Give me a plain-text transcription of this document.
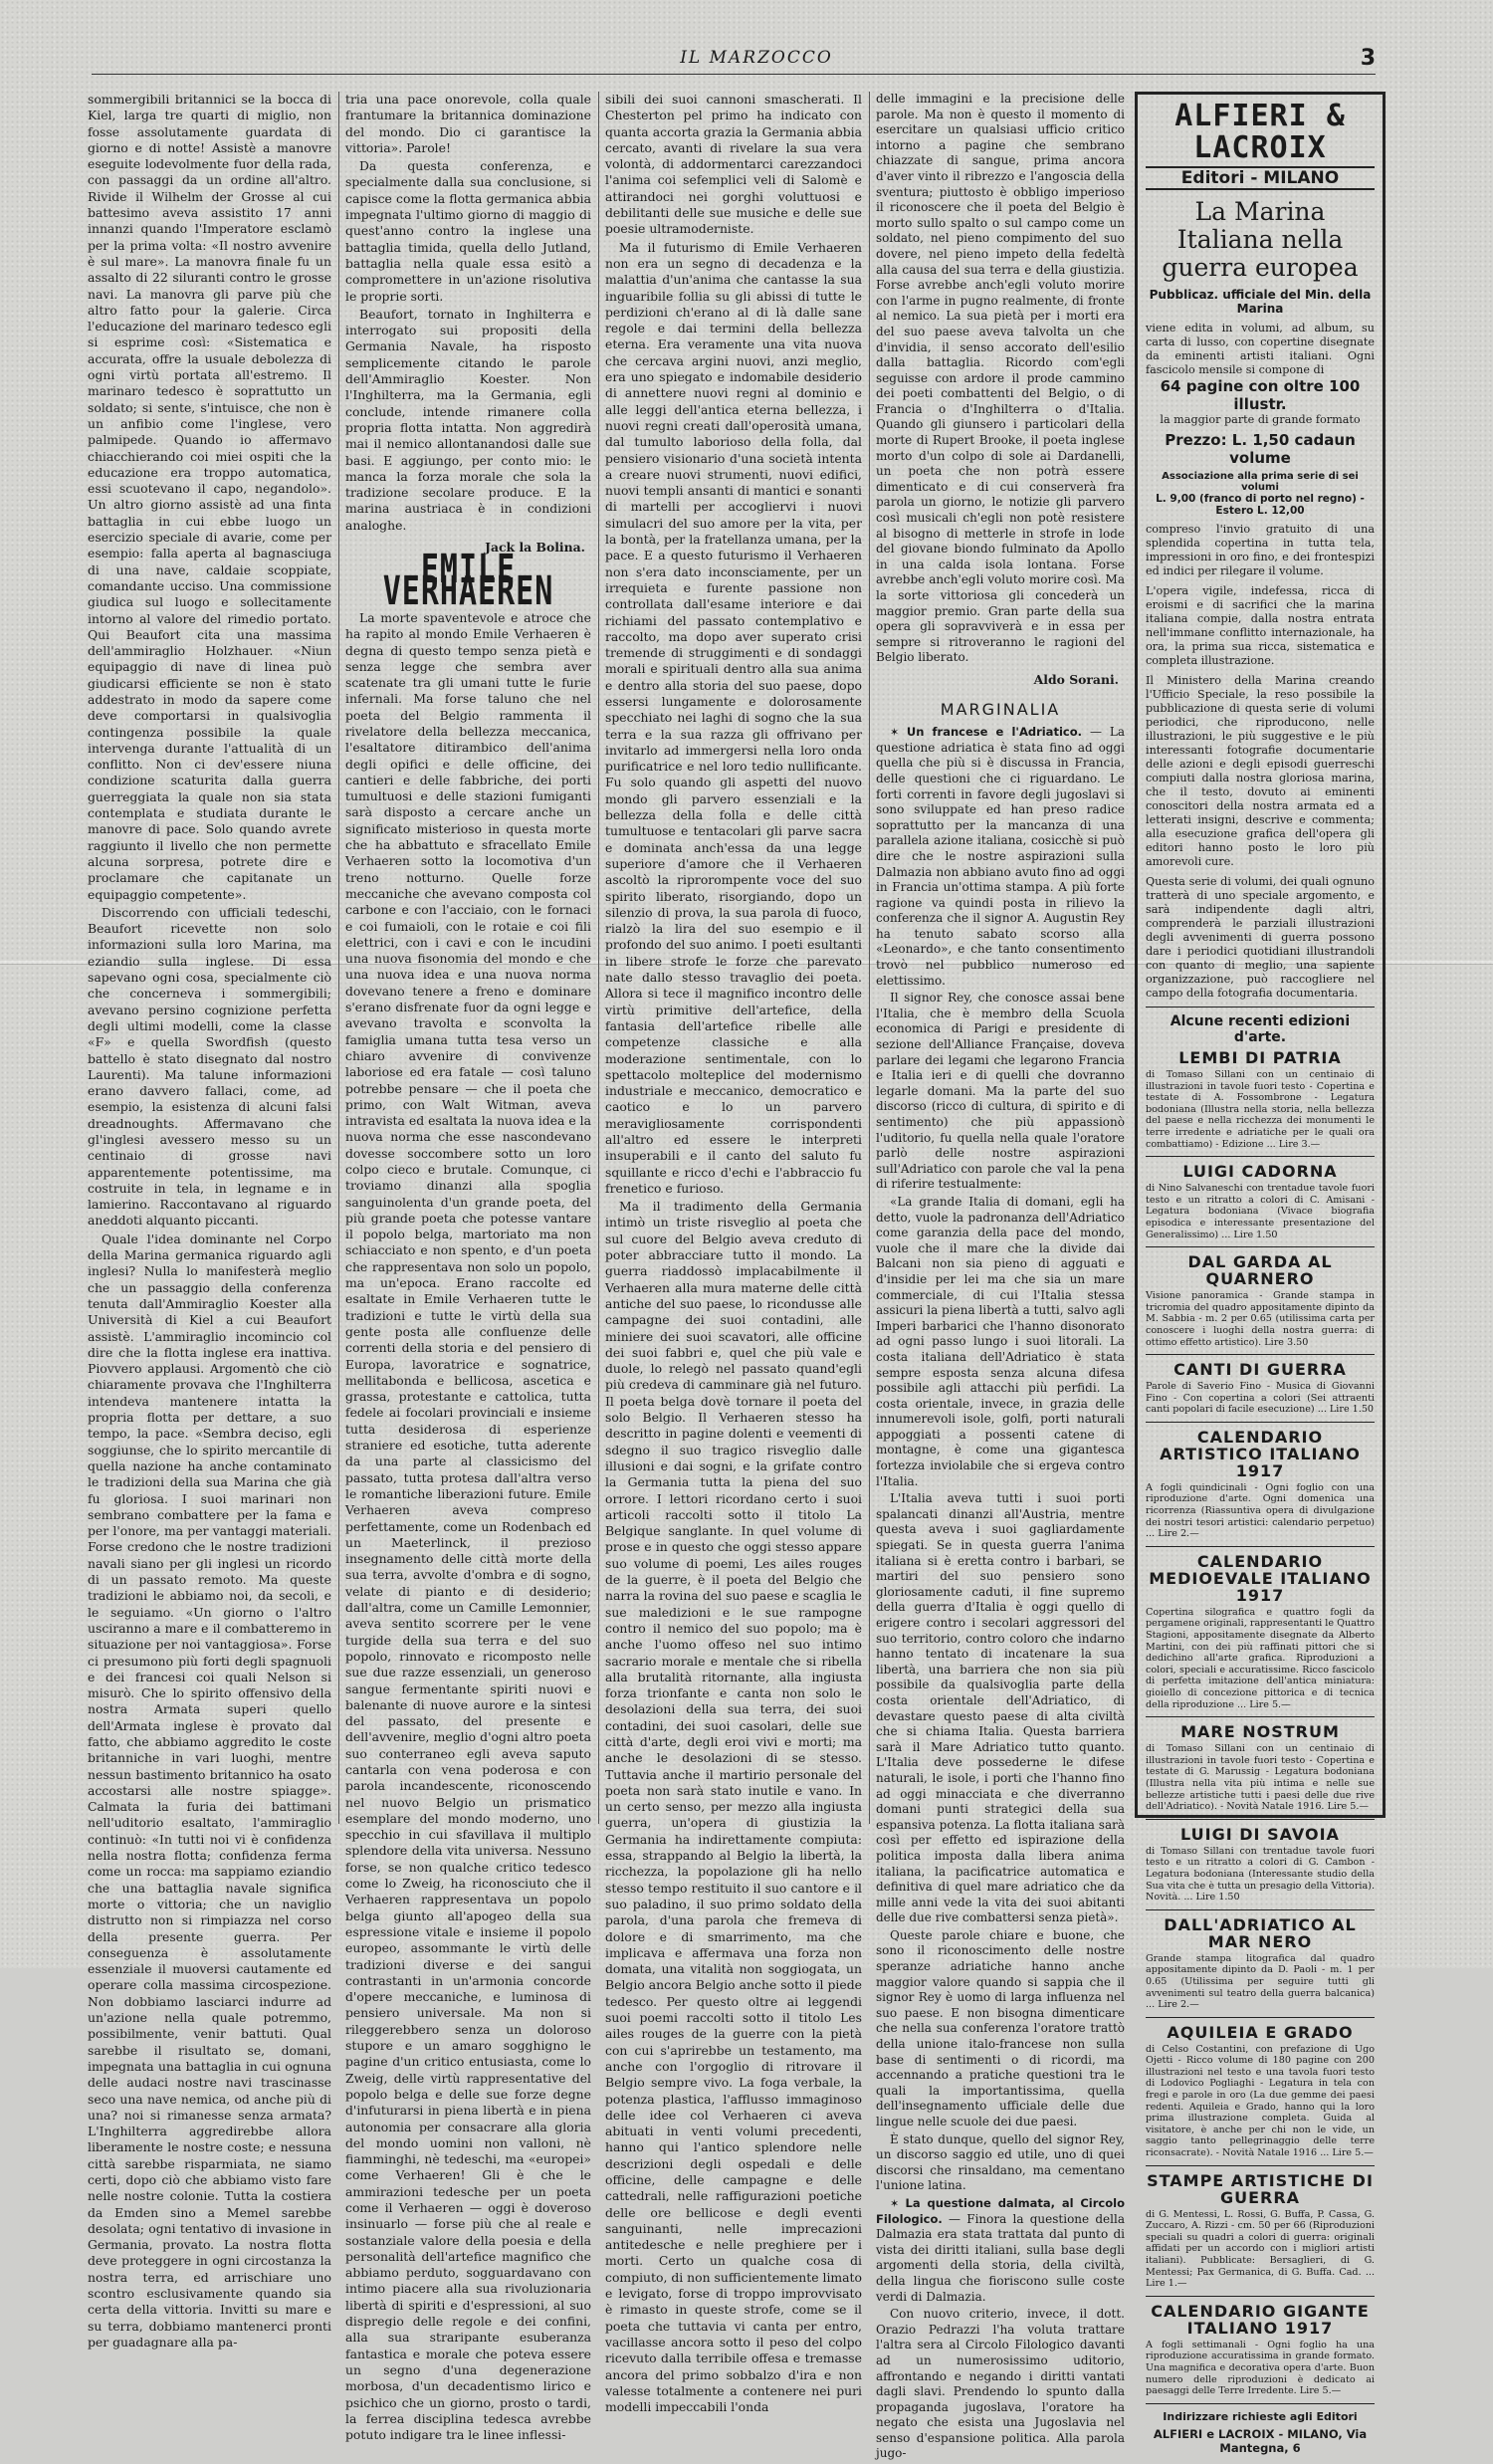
IL MARZOCCO	3

sommergibili britannici se la bocca di Kiel, larga tre quarti di miglio, non fosse assolutamente guardata di giorno e di notte! Assistè a manovre eseguite lodevolmente fuor della rada, con passaggi da un ordine all'altro. Rivide il Wilhelm der Grosse al cui battesimo aveva assistito 17 anni innanzi quando l'Imperatore esclamò per la prima volta: «Il nostro avvenire è sul mare». La manovra finale fu un assalto di 22 siluranti contro le grosse navi. La manovra gli parve più che altro fatto pour la galerie. Circa l'educazione del marinaro tedesco egli si esprime così: «Sistematica e accurata, offre la usuale debolezza di ogni virtù portata all'estremo. Il marinaro tedesco è soprattutto un soldato; si sente, s'intuisce, che non è un anfibio come l'inglese, vero palmipede. Quando io affermavo chiacchierando coi miei ospiti che la educazione era troppo automatica, essi scuotevano il capo, negandolo». Un altro giorno assistè ad una finta battaglia in cui ebbe luogo un esercizio speciale di avarie, come per esempio: falla aperta al bagnasciuga di una nave, caldaie scoppiate, comandante ucciso. Una commissione giudica sul luogo e sollecitamente intorno al valore del rimedio portato. Qui Beaufort cita una massima dell'ammiraglio Holzhauer. «Niun equipaggio di nave di linea può giudicarsi efficiente se non è stato addestrato in modo da sapere come deve comportarsi in qualsivoglia contingenza possibile la quale intervenga durante l'attualità di un conflitto. Non ci dev'essere niuna condizione scaturita dalla guerra guerreggiata la quale non sia stata contemplata e studiata durante le manovre di pace. Solo quando avrete raggiunto il livello che non permette alcuna sorpresa, potrete dire e proclamare che capitanate un equipaggio competente».

Discorrendo con ufficiali tedeschi, Beaufort ricevette non solo informazioni sulla loro Marina, ma eziandio sulla inglese. Di essa sapevano ogni cosa, specialmente ciò che concerneva i sommergibili; avevano persino cognizione perfetta degli ultimi modelli, come la classe «F» e quella Swordfish (questo battello è stato disegnato dal nostro Laurenti). Ma talune informazioni erano davvero fallaci, come, ad esempio, la esistenza di alcuni falsi dreadnoughts. Affermavano che gl'inglesi avessero messo su un centinaio di grosse navi apparentemente potentissime, ma costruite in tela, in legname e in lamierino. Raccontavano al riguardo aneddoti alquanto piccanti.

Quale l'idea dominante nel Corpo della Marina germanica riguardo agli inglesi? Nulla lo manifesterà meglio che un passaggio della conferenza tenuta dall'Ammiraglio Koester alla Università di Kiel a cui Beaufort assistè. L'ammiraglio incomincio col dire che la flotta inglese era inattiva. Piovvero applausi. Argomentò che ciò chiaramente provava che l'Inghilterra intendeva mantenere intatta la propria flotta per dettare, a suo tempo, la pace. «Sembra deciso, egli soggiunse, che lo spirito mercantile di quella nazione ha anche contaminato le tradizioni della sua Marina che già fu gloriosa. I suoi marinari non sembrano combattere per la fama e per l'onore, ma per vantaggi materiali. Forse credono che le nostre tradizioni navali siano per gli inglesi un ricordo di un passato remoto. Ma queste tradizioni le abbiamo noi, da secoli, e le seguiamo. «Un giorno o l'altro usciranno a mare e il combatteremo in situazione per noi vantaggiosa». Forse ci presumono più forti degli spagnuoli e dei francesi coi quali Nelson si misurò. Che lo spirito offensivo della nostra Armata superi quello dell'Armata inglese è provato dal fatto, che abbiamo aggredito le coste britanniche in vari luoghi, mentre nessun bastimento britannico ha osato accostarsi alle nostre spiagge». Calmata la furia dei battimani nell'uditorio esaltato, l'ammiraglio continuò: «In tutti noi vi è confidenza nella nostra flotta; confidenza ferma come un rocca: ma sappiamo eziandio che una battaglia navale significa morte o vittoria; che un naviglio distrutto non si rimpiazza nel corso della presente guerra. Per conseguenza è assolutamente essenziale il muoversi cautamente ed operare colla massima circospezione. Non dobbiamo lasciarci indurre ad un'azione nella quale potremmo, possibilmente, venir battuti. Qual sarebbe il risultato se, domani, impegnata una battaglia in cui ognuna delle audaci nostre navi trascinasse seco una nave nemica, od anche più di una? noi si rimanesse senza armata? L'Inghilterra aggredirebbe allora liberamente le nostre coste; e nessuna città sarebbe risparmiata, ne siamo certi, dopo ciò che abbiamo visto fare nelle nostre colonie. Tutta la costiera da Emden sino a Memel sarebbe desolata; ogni tentativo di invasione in Germania, provato. La nostra flotta deve proteggere in ogni circostanza la nostra terra, ed arrischiare uno scontro esclusivamente quando sia certa della vittoria. Invitti su mare e su terra, dobbiamo mantenerci pronti per guadagnare alla pa-

tria una pace onorevole, colla quale frantumare la britannica dominazione del mondo. Dio ci garantisce la vittoria». Parole!

Da questa conferenza, e specialmente dalla sua conclusione, si capisce come la flotta germanica abbia impegnata l'ultimo giorno di maggio di quest'anno contro la inglese una battaglia timida, quella dello Jutland, battaglia nella quale essa esitò a compromettere in un'azione risolutiva le proprie sorti.

Beaufort, tornato in Inghilterra e interrogato sui propositi della Germania Navale, ha risposto semplicemente citando le parole dell'Ammiraglio Koester. Non l'Inghilterra, ma la Germania, egli conclude, intende rimanere colla propria flotta intatta. Non aggredirà mai il nemico allontanandosi dalle sue basi. E aggiungo, per conto mio: le manca la forza morale che sola la tradizione secolare produce. E la marina austriaca è in condizioni analoghe.

Jack la Bolina.
EMILE VERHAEREN

La morte spaventevole e atroce che ha rapito al mondo Emile Verhaeren è degna di questo tempo senza pietà e senza legge che sembra aver scatenate tra gli umani tutte le furie infernali. Ma forse taluno che nel poeta del Belgio rammenta il rivelatore della bellezza meccanica, l'esaltatore ditirambico dell'anima degli opifici e delle officine, dei cantieri e delle fabbriche, dei porti tumultuosi e delle stazioni fumiganti sarà disposto a cercare anche un significato misterioso in questa morte che ha abbattuto e sfracellato Emile Verhaeren sotto la locomotiva d'un treno notturno. Quelle forze meccaniche che avevano composta col carbone e con l'acciaio, con le fornaci e coi fumaioli, con le rotaie e coi fili elettrici, con i cavi e con le incudini una nuova fisonomia del mondo e che una nuova idea e una nuova norma dovevano tenere a freno e dominare s'erano disfrenate fuor da ogni legge e avevano travolta e sconvolta la famiglia umana tutta tesa verso un chiaro avvenire di convivenze laboriose ed era fatale — così taluno potrebbe pensare — che il poeta che primo, con Walt Witman, aveva intravista ed esaltata la nuova idea e la nuova norma che esse nascondevano dovesse soccombere sotto un loro colpo cieco e brutale. Comunque, ci troviamo dinanzi alla spoglia sanguinolenta d'un grande poeta, del più grande poeta che potesse vantare il popolo belga, martoriato ma non schiacciato e non spento, e d'un poeta che rappresentava non solo un popolo, ma un'epoca. Erano raccolte ed esaltate in Emile Verhaeren tutte le tradizioni e tutte le virtù della sua gente posta alle confluenze delle correnti della storia e del pensiero di Europa, lavoratrice e sognatrice, mellitabonda e bellicosa, ascetica e grassa, protestante e cattolica, tutta fedele ai focolari provinciali e insieme tutta desiderosa di esperienze straniere ed esotiche, tutta aderente da una parte al classicismo del passato, tutta protesa dall'altra verso le romantiche liberazioni future. Emile Verhaeren aveva compreso perfettamente, come un Rodenbach ed un Maeterlinck, il prezioso insegnamento delle città morte della sua terra, avvolte d'ombra e di sogno, velate di pianto e di desiderio; dall'altra, come un Camille Lemonnier, aveva sentito scorrere per le vene turgide della sua terra e del suo popolo, rinnovato e ricomposto nelle sue due razze essenziali, un generoso sangue fermentante spiriti nuovi e balenante di nuove aurore e la sintesi del passato, del presente e dell'avvenire, meglio d'ogni altro poeta suo conterraneo egli aveva saputo cantarla con vena poderosa e con parola incandescente, riconoscendo nel nuovo Belgio un prismatico esemplare del mondo moderno, uno specchio in cui sfavillava il multiplo splendore della vita universa. Nessuno forse, se non qualche critico tedesco come lo Zweig, ha riconosciuto che il Verhaeren rappresentava un popolo belga giunto all'apogeo della sua espressione vitale e insieme il popolo europeo, assommante le virtù delle tradizioni diverse e dei sangui contrastanti in un'armonia concorde d'opere meccaniche, e luminosa di pensiero universale. Ma non si rileggerebbero senza un doloroso stupore e un amaro sogghigno le pagine d'un critico entusiasta, come lo Zweig, delle virtù rappresentative del popolo belga e delle sue forze degne d'infuturarsi in piena libertà e in piena autonomia per consacrare alla gloria del mondo uomini non valloni, nè fiamminghi, nè tedeschi, ma «europei» come Verhaeren! Gli è che le ammirazioni tedesche per un poeta come il Verhaeren — oggi è doveroso insinuarlo — forse più che al reale e sostanziale valore della poesia e della personalità dell'artefice magnifico che abbiamo perduto, sogguardavano con intimo piacere alla sua rivoluzionaria libertà di spiriti e d'espressioni, al suo dispregio delle regole e dei confini, alla sua straripante esuberanza fantastica e morale che poteva essere un segno d'una degenerazione morbosa, d'un decadentismo lirico e psichico che un giorno, prosto o tardi, la ferrea disciplina tedesca avrebbe potuto indigare tra le linee inflessi-

sibili dei suoi cannoni smascherati. Il Chesterton pel primo ha indicato con quanta accorta grazia la Germania abbia cercato, avanti di rivelare la sua vera volontà, di addormentarci carezzandoci l'anima coi sefemplici veli di Salomè e attirandoci nei gorghi voluttuosi e debilitanti delle sue musiche e delle sue poesie ultramoderniste.

Ma il futurismo di Emile Verhaeren non era un segno di decadenza e la malattia d'un'anima che cantasse la sua inguaribile follia su gli abissi di tutte le perdizioni ch'erano al di là dalle sane regole e dai termini della bellezza eterna. Era veramente una vita nuova che cercava argini nuovi, anzi meglio, era uno spiegato e indomabile desiderio di annettere nuovi regni al dominio e alle leggi dell'antica eterna bellezza, i nuovi regni creati dall'operosità umana, dal tumulto laborioso della folla, dal pensiero visionario d'una società intenta a creare nuovi strumenti, nuovi edifici, nuovi templi ansanti di mantici e sonanti di martelli per accogliervi i nuovi simulacri del suo amore per la vita, per la bontà, per la fratellanza umana, per la pace. E a questo futurismo il Verhaeren non s'era dato inconsciamente, per un irrequieta e furente passione non controllata dall'esame interiore e dai richiami del passato contemplativo e raccolto, ma dopo aver superato crisi tremende di struggimenti e di sondaggi morali e spirituali dentro alla sua anima e dentro alla storia del suo paese, dopo essersi lungamente e dolorosamente specchiato nei laghi di sogno che la sua terra e la sua razza gli offrivano per invitarlo ad immergersi nella loro onda purificatrice e nel loro tedio nullificante. Fu solo quando gli aspetti del nuovo mondo gli parvero essenziali e la bellezza della folla e delle città tumultuose e tentacolari gli parve sacra e dominata anch'essa da una legge superiore d'amore che il Verhaeren ascoltò la riprorompente voce del suo spirito liberato, risorgiando, dopo un silenzio di prova, la sua parola di fuoco, rialzò la lira del suo esempio e il profondo del suo animo. I poeti esultanti in libere strofe le forze che parevato nate dallo stesso travaglio dei poeta. Allora si tece il magnifico incontro delle virtù primitive dell'artefice, della fantasia dell'artefice ribelle alle competenze classiche e alla moderazione sentimentale, con lo spettacolo molteplice del modernismo industriale e meccanico, democratico e caotico e lo un parvero meravigliosamente corrispondenti all'altro ed essere le interpreti insuperabili e il canto del saluto fu squillante e ricco d'echi e l'abbraccio fu frenetico e furioso.

Ma il tradimento della Germania intimò un triste risveglio al poeta che sul cuore del Belgio aveva creduto di poter abbracciare tutto il mondo. La guerra riaddossò implacabilmente il Verhaeren alla mura materne delle città antiche del suo paese, lo ricondusse alle campagne dei suoi contadini, alle miniere dei suoi scavatori, alle officine dei suoi fabbri e, quel che più vale e duole, lo relegò nel passato quand'egli più credeva di camminare già nel futuro. Il poeta belga dovè tornare il poeta del solo Belgio. Il Verhaeren stesso ha descritto in pagine dolenti e veementi di sdegno il suo tragico risveglio dalle illusioni e dai sogni, e la grifate contro la Germania tutta la piena del suo orrore. I lettori ricordano certo i suoi articoli raccolti sotto il titolo La Belgique sanglante. In quel volume di prose e in questo che oggi stesso appare suo volume di poemi, Les ailes rouges de la guerre, è il poeta del Belgio che narra la rovina del suo paese e scaglia le sue maledizioni e le sue rampogne contro il nemico del suo popolo; ma è anche l'uomo offeso nel suo intimo sacrario morale e mentale che si ribella alla brutalità ritornante, alla ingiusta forza trionfante e canta non solo le desolazioni della sua terra, dei suoi contadini, dei suoi casolari, delle sue città d'arte, degli eroi vivi e morti; ma anche le desolazioni di se stesso. Tuttavia anche il martirio personale del poeta non sarà stato inutile e vano. In un certo senso, per mezzo alla ingiusta guerra, un'opera di giustizia la Germania ha indirettamente compiuta: essa, strappando al Belgio la libertà, la ricchezza, la popolazione gli ha nello stesso tempo restituito il suo cantore e il suo paladino, il suo primo soldato della parola, d'una parola che fremeva di dolore e di smarrimento, ma che implicava e affermava una forza non domata, una vitalità non soggiogata, un Belgio ancora Belgio anche sotto il piede tedesco. Per questo oltre ai leggendi suoi poemi raccolti sotto il titolo Les ailes rouges de la guerre con la pietà con cui s'aprirebbe un testamento, ma anche con l'orgoglio di ritrovare il Belgio sempre vivo. La foga verbale, la potenza plastica, l'afflusso immaginoso delle idee col Verhaeren ci aveva abituati in venti volumi precedenti, hanno qui l'antico splendore nelle descrizioni degli ospedali e delle officine, delle campagne e delle cattedrali, nelle raffigurazioni poetiche delle ore bellicose e degli eventi sanguinanti, nelle imprecazioni antitedesche e nelle preghiere per i morti. Certo un qualche cosa di compiuto, di non sufficientemente limato e levigato, forse di troppo improvvisato è rimasto in queste strofe, come se il poeta che tuttavia vi canta per entro, vacillasse ancora sotto il peso del colpo ricevuto dalla terribile offesa e tremasse ancora del primo sobbalzo d'ira e non valesse totalmente a contenere nei puri modelli impeccabili l'onda

delle immagini e la precisione delle parole. Ma non è questo il momento di esercitare un qualsiasi ufficio critico intorno a pagine che sembrano chiazzate di sangue, prima ancora d'aver vinto il ribrezzo e l'angoscia della sventura; piuttosto è obbligo imperioso il riconoscere che il poeta del Belgio è morto sullo spalto o sul campo come un soldato, nel pieno compimento del suo dovere, nel pieno impeto della fedeltà alla causa del sua terra e della giustizia. Forse avrebbe anch'egli voluto morire con l'arme in pugno realmente, di fronte al nemico. La sua pietà per i morti era del suo paese aveva talvolta un che d'invidia, il senso accorato dell'esilio dalla battaglia. Ricordo com'egli seguisse con ardore il prode cammino dei poeti combattenti del Belgio, o di Francia o d'Inghilterra o d'Italia. Quando gli giunsero i particolari della morte di Rupert Brooke, il poeta inglese morto d'un colpo di sole ai Dardanelli, un poeta che non potrà essere dimenticato e di cui conserverà fra parola un giorno, le notizie gli parvero così musicali ch'egli non potè resistere al bisogno di metterle in strofe in lode del giovane biondo fulminato da Apollo in una calda isola lontana. Forse avrebbe anch'egli voluto morire così. Ma la sorte vittoriosa gli concederà un maggior premio. Gran parte della sua opera gli sopravviverà e in essa per sempre si ritroveranno le ragioni del Belgio liberato.

Aldo Sorani.
MARGINALIA

✶ Un francese e l'Adriatico. — La questione adriatica è stata fino ad oggi quella che più si è discussa in Francia, delle questioni che ci riguardano. Le forti correnti in favore degli jugoslavi si sono sviluppate ed han preso radice soprattutto per la mancanza di una parallela azione italiana, cosicchè si può dire che le nostre aspirazioni sulla Dalmazia non abbiano avuto fino ad oggi in Francia un'ottima stampa. A più forte ragione va quindi posta in rilievo la conferenza che il signor A. Augustin Rey ha tenuto sabato scorso alla «Leonardo», e che tanto consentimento trovò nel pubblico numeroso ed elettissimo.

Il signor Rey, che conosce assai bene l'Italia, che è membro della Scuola economica di Parigi e presidente di sezione dell'Alliance Française, doveva parlare dei legami che legarono Francia e Italia ieri e di quelli che dovranno legarle domani. Ma la parte del suo discorso (ricco di cultura, di spirito e di sentimento) che più appassionò l'uditorio, fu quella nella quale l'oratore parlò delle nostre aspirazioni sull'Adriatico con parole che val la pena di riferire testualmente:

«La grande Italia di domani, egli ha detto, vuole la padronanza dell'Adriatico come garanzia della pace del mondo, vuole che il mare che la divide dai Balcani non sia pieno di agguati e d'insidie per lei ma che sia un mare commerciale, di cui l'Italia stessa assicuri la piena libertà a tutti, salvo agli Imperi barbarici che l'hanno disonorato ad ogni passo lungo i suoi litorali. La costa italiana dell'Adriatico è stata sempre esposta senza alcuna difesa possibile agli attacchi più perfidi. La costa orientale, invece, in grazia delle innumerevoli isole, golfi, porti naturali appoggiati a possenti catene di montagne, è come una gigantesca fortezza inviolabile che si ergeva contro l'Italia.

L'Italia aveva tutti i suoi porti spalancati dinanzi all'Austria, mentre questa aveva i suoi gagliardamente spiegati. Se in questa guerra l'anima italiana si è eretta contro i barbari, se martiri del suo pensiero sono gloriosamente caduti, il fine supremo della guerra d'Italia è oggi quello di erigere contro i secolari aggressori del suo territorio, contro coloro che indarno hanno tentato di incatenare la sua libertà, una barriera che non sia più possibile da qualsivoglia parte della costa orientale dell'Adriatico, di devastare questo paese di alta civiltà che si chiama Italia. Questa barriera sarà il Mare Adriatico tutto quanto. L'Italia deve possederne le difese naturali, le isole, i porti che l'hanno fino ad oggi minacciata e che diverranno domani punti strategici della sua espansiva potenza. La flotta italiana sarà così per effetto ed ispirazione della politica imposta dalla libera anima italiana, la pacificatrice automatica e definitiva di quel mare adriatico che da mille anni vede la vita dei suoi abitanti delle due rive combattersi senza pietà».

Queste parole chiare e buone, che sono il riconoscimento delle nostre speranze adriatiche hanno anche maggior valore quando si sappia che il signor Rey è uomo di larga influenza nel suo paese. E non bisogna dimenticare che nella sua conferenza l'oratore trattò della unione italo-francese non sulla base di sentimenti o di ricordi, ma accennando a pratiche questioni tra le quali la importantissima, quella dell'insegnamento ufficiale delle due lingue nelle scuole dei due paesi.

È stato dunque, quello del signor Rey, un discorso saggio ed utile, uno di quei discorsi che rinsaldano, ma cementano l'unione latina.

✶ La questione dalmata, al Circolo Filologico. — Finora la questione della Dalmazia era stata trattata dal punto di vista dei diritti italiani, sulla base degli argomenti della storia, della civiltà, della lingua che fioriscono sulle coste verdi di Dalmazia.

Con nuovo criterio, invece, il dott. Orazio Pedrazzi l'ha voluta trattare l'altra sera al Circolo Filologico davanti ad un numerosissimo uditorio, affrontando e negando i diritti vantati dagli slavi. Prendendo lo spunto dalla propaganda jugoslava, l'oratore ha negato che esista una Jugoslavia nel senso d'espansione politica. Alla parola jugo-

ALFIERI & LACROIX
Editori - MILANO
La Marina Italiana nella guerra europea
Pubblicaz. ufficiale del Min. della Marina
viene edita in volumi, ad album, su carta di lusso, con copertine disegnate da eminenti artisti italiani. Ogni fascicolo mensile si compone di
64 pagine con oltre 100 illustr.
la maggior parte di grande formato
Prezzo: L. 1,50 cadaun volume
Associazione alla prima serie di sei volumi
L. 9,00 (franco di porto nel regno) - Estero L. 12,00
compreso l'invio gratuito di una splendida copertina in tutta tela, impressioni in oro fino, e dei frontespizi ed indici per rilegare il volume.
L'opera vigile, indefessa, ricca di eroismi e di sacrifici che la marina italiana compie, dalla nostra entrata nell'immane conflitto internazionale, ha ora, la prima sua ricca, sistematica e completa illustrazione.
Il Ministero della Marina creando l'Ufficio Speciale, la reso possibile la pubblicazione di questa serie di volumi periodici, che riproducono, nelle illustrazioni, le più suggestive e le più interessanti fotografie documentarie delle azioni e degli episodi guerreschi compiuti dalla nostra gloriosa marina, che il testo, dovuto ai eminenti conoscitori della nostra armata ed a letterati insigni, descrive e commenta; alla esecuzione grafica dell'opera gli editori hanno posto le loro più amorevoli cure.
Questa serie di volumi, dei quali ognuno tratterà di uno speciale argomento, e sarà indipendente dagli altri, comprenderà le parziali illustrazioni degli avvenimenti di guerra possono dare i periodici quotidiani illustrandoli con quanto di meglio, una sapiente organizzazione, può raccogliere nel campo della fotografia documentaria.
Alcune recenti edizioni d'arte.
LEMBI DI PATRIA
di Tomaso Sillani con un centinaio di illustrazioni in tavole fuori testo - Copertina e testate di A. Fossombrone - Legatura bodoniana (Illustra nella storia, nella bellezza del paese e nella ricchezza dei monumenti le terre irredente e adriatiche per le quali ora combattiamo) - Edizione ... Lire 3.—
LUIGI CADORNA
di Nino Salvaneschi con trentadue tavole fuori testo e un ritratto a colori di C. Amisani - Legatura bodoniana (Vivace biografia episodica e interessante presentazione del Generalissimo) ... Lire 1.50
DAL GARDA AL QUARNERO
Visione panoramica - Grande stampa in tricromia del quadro appositamente dipinto da M. Sabbia - m. 2 per 0.65 (utilissima carta per conoscere i luoghi della nostra guerra: di ottimo effetto artistico). Lire 3.50
CANTI DI GUERRA
Parole di Saverio Fino - Musica di Giovanni Fino - Con copertina a colori (Sei attraenti canti popolari di facile esecuzione) ... Lire 1.50
CALENDARIO ARTISTICO ITALIANO 1917
A fogli quindicinali - Ogni foglio con una riproduzione d'arte. Ogni domenica una ricorrenza (Riassuntiva opera di divulgazione dei nostri tesori artistici: calendario perpetuo) ... Lire 2.—
CALENDARIO MEDIOEVALE ITALIANO 1917
Copertina silografica e quattro fogli da pergamene originali, rappresentanti le Quattro Stagioni, appositamente disegnate da Alberto Martini, con dei più raffinati pittori che si dedichino all'arte grafica. Riproduzioni a colori, speciali e accuratissime. Ricco fascicolo di perfetta imitazione dell'antica miniatura: gioiello di concezione pittorica e di tecnica della riproduzione ... Lire 5.—
MARE NOSTRUM
di Tomaso Sillani con un centinaio di illustrazioni in tavole fuori testo - Copertina e testate di G. Marussig - Legatura bodoniana (Illustra nella vita più intima e nelle sue bellezze artistiche tutti i paesi delle due rive dell'Adriatico). - Novità Natale 1916. Lire 5.—
LUIGI DI SAVOIA
di Tomaso Sillani con trentadue tavole fuori testo e un ritratto a colori di G. Cambon - Legatura bodoniana (Interessante studio della Sua vita che è tutta un presagio della Vittoria). Novità. ... Lire 1.50
DALL'ADRIATICO AL MAR NERO
Grande stampa litografica dal quadro appositamente dipinto da D. Paoli - m. 1 per 0.65 (Utilissima per seguire tutti gli avvenimenti sul teatro della guerra balcanica) ... Lire 2.—
AQUILEIA E GRADO
di Celso Costantini, con prefazione di Ugo Ojetti - Ricco volume di 180 pagine con 200 illustrazioni nel testo e una tavola fuori testo di Lodovico Pogliaghi - Legatura in tela con fregi e parole in oro (La due gemme dei paesi redenti. Aquileia e Grado, hanno qui la loro prima illustrazione completa. Guida al visitatore, è anche per chi non le vide, un saggio tanto pellegrinaggio delle terre riconsacrate). - Novità Natale 1916 ... Lire 5.—
STAMPE ARTISTICHE DI GUERRA
di G. Mentessi, L. Rossi, G. Buffa, P. Cassa, G. Zuccaro, A. Rizzi - cm. 50 per 66 (Riproduzioni speciali su quadri a colori di guerra: originali affidati per un accordo con i migliori artisti italiani). Pubblicate: Bersaglieri, di G. Mentessi; Pax Germanica, di G. Buffa. Cad. ... Lire 1.—
CALENDARIO GIGANTE ITALIANO 1917
A fogli settimanali - Ogni foglio ha una riproduzione accuratissima in grande formato. Una magnifica e decorativa opera d'arte. Buon numero delle riproduzioni è dedicato ai paesaggi delle Terre Irredente. Lire 5.—
Indirizzare richieste agli Editori
ALFIERI e LACROIX - MILANO, Via Mantegna, 6
